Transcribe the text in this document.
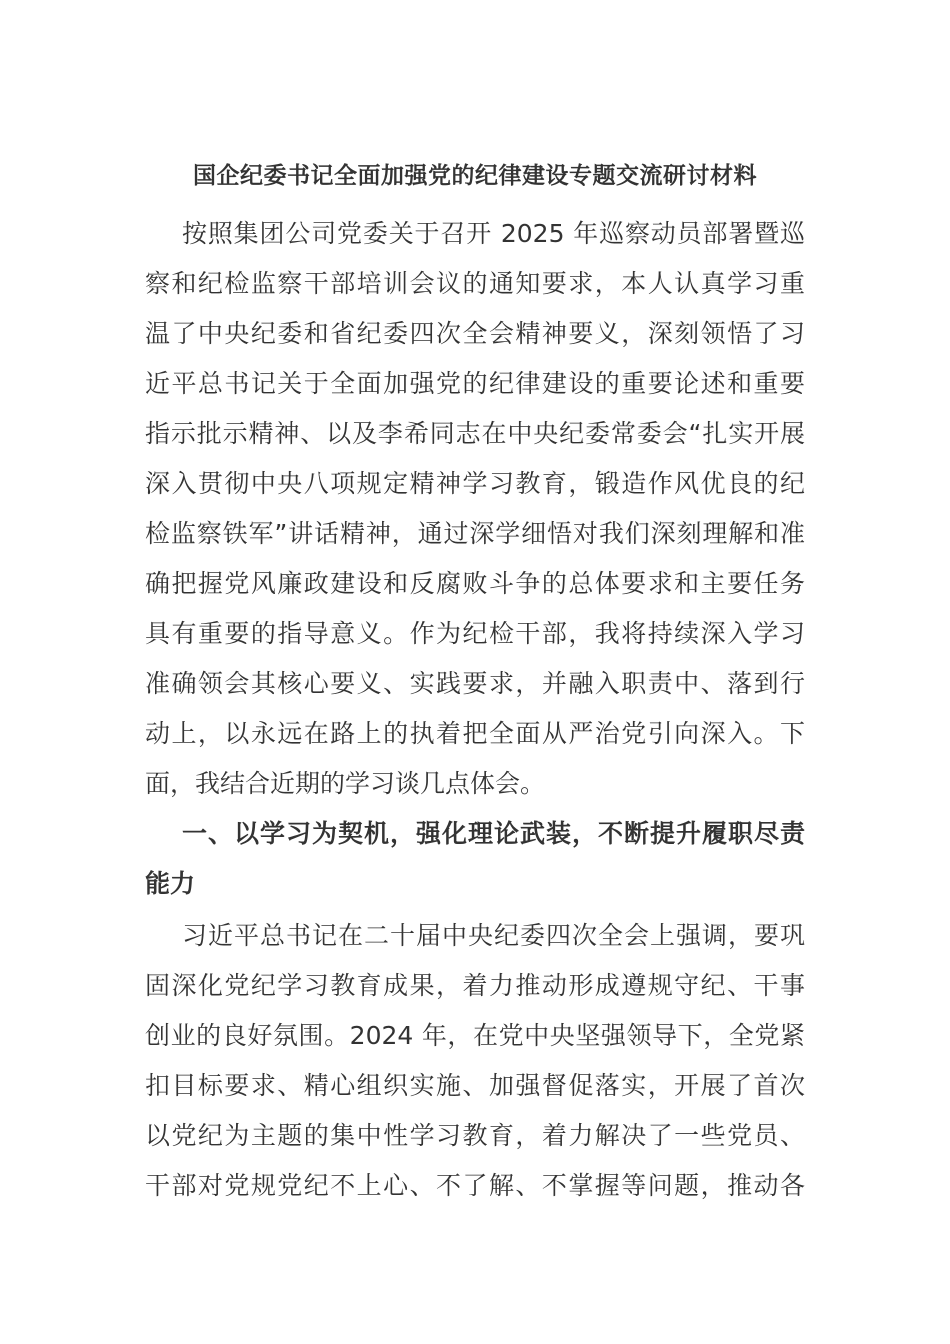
国企纪委书记全面加强党的纪律建设专题交流研讨材料
按照集团公司党委关于召开 2025 年巡察动员部署暨巡
察和纪检监察干部培训会议的通知要求，本人认真学习重
温了中央纪委和省纪委四次全会精神要义，深刻领悟了习
近平总书记关于全面加强党的纪律建设的重要论述和重要
指示批示精神、以及李希同志在中央纪委常委会“扎实开展
深入贯彻中央八项规定精神学习教育，锻造作风优良的纪
检监察铁军”讲话精神，通过深学细悟对我们深刻理解和准
确把握党风廉政建设和反腐败斗争的总体要求和主要任务
具有重要的指导意义。作为纪检干部，我将持续深入学习
准确领会其核心要义、实践要求，并融入职责中、落到行
动上，以永远在路上的执着把全面从严治党引向深入。下
面，我结合近期的学习谈几点体会。
一、以学习为契机，强化理论武装，不断提升履职尽责
能力
习近平总书记在二十届中央纪委四次全会上强调，要巩
固深化党纪学习教育成果，着力推动形成遵规守纪、干事
创业的良好氛围。2024 年，在党中央坚强领导下，全党紧
扣目标要求、精心组织实施、加强督促落实，开展了首次
以党纪为主题的集中性学习教育，着力解决了一些党员、
干部对党规党纪不上心、不了解、不掌握等问题，推动各
